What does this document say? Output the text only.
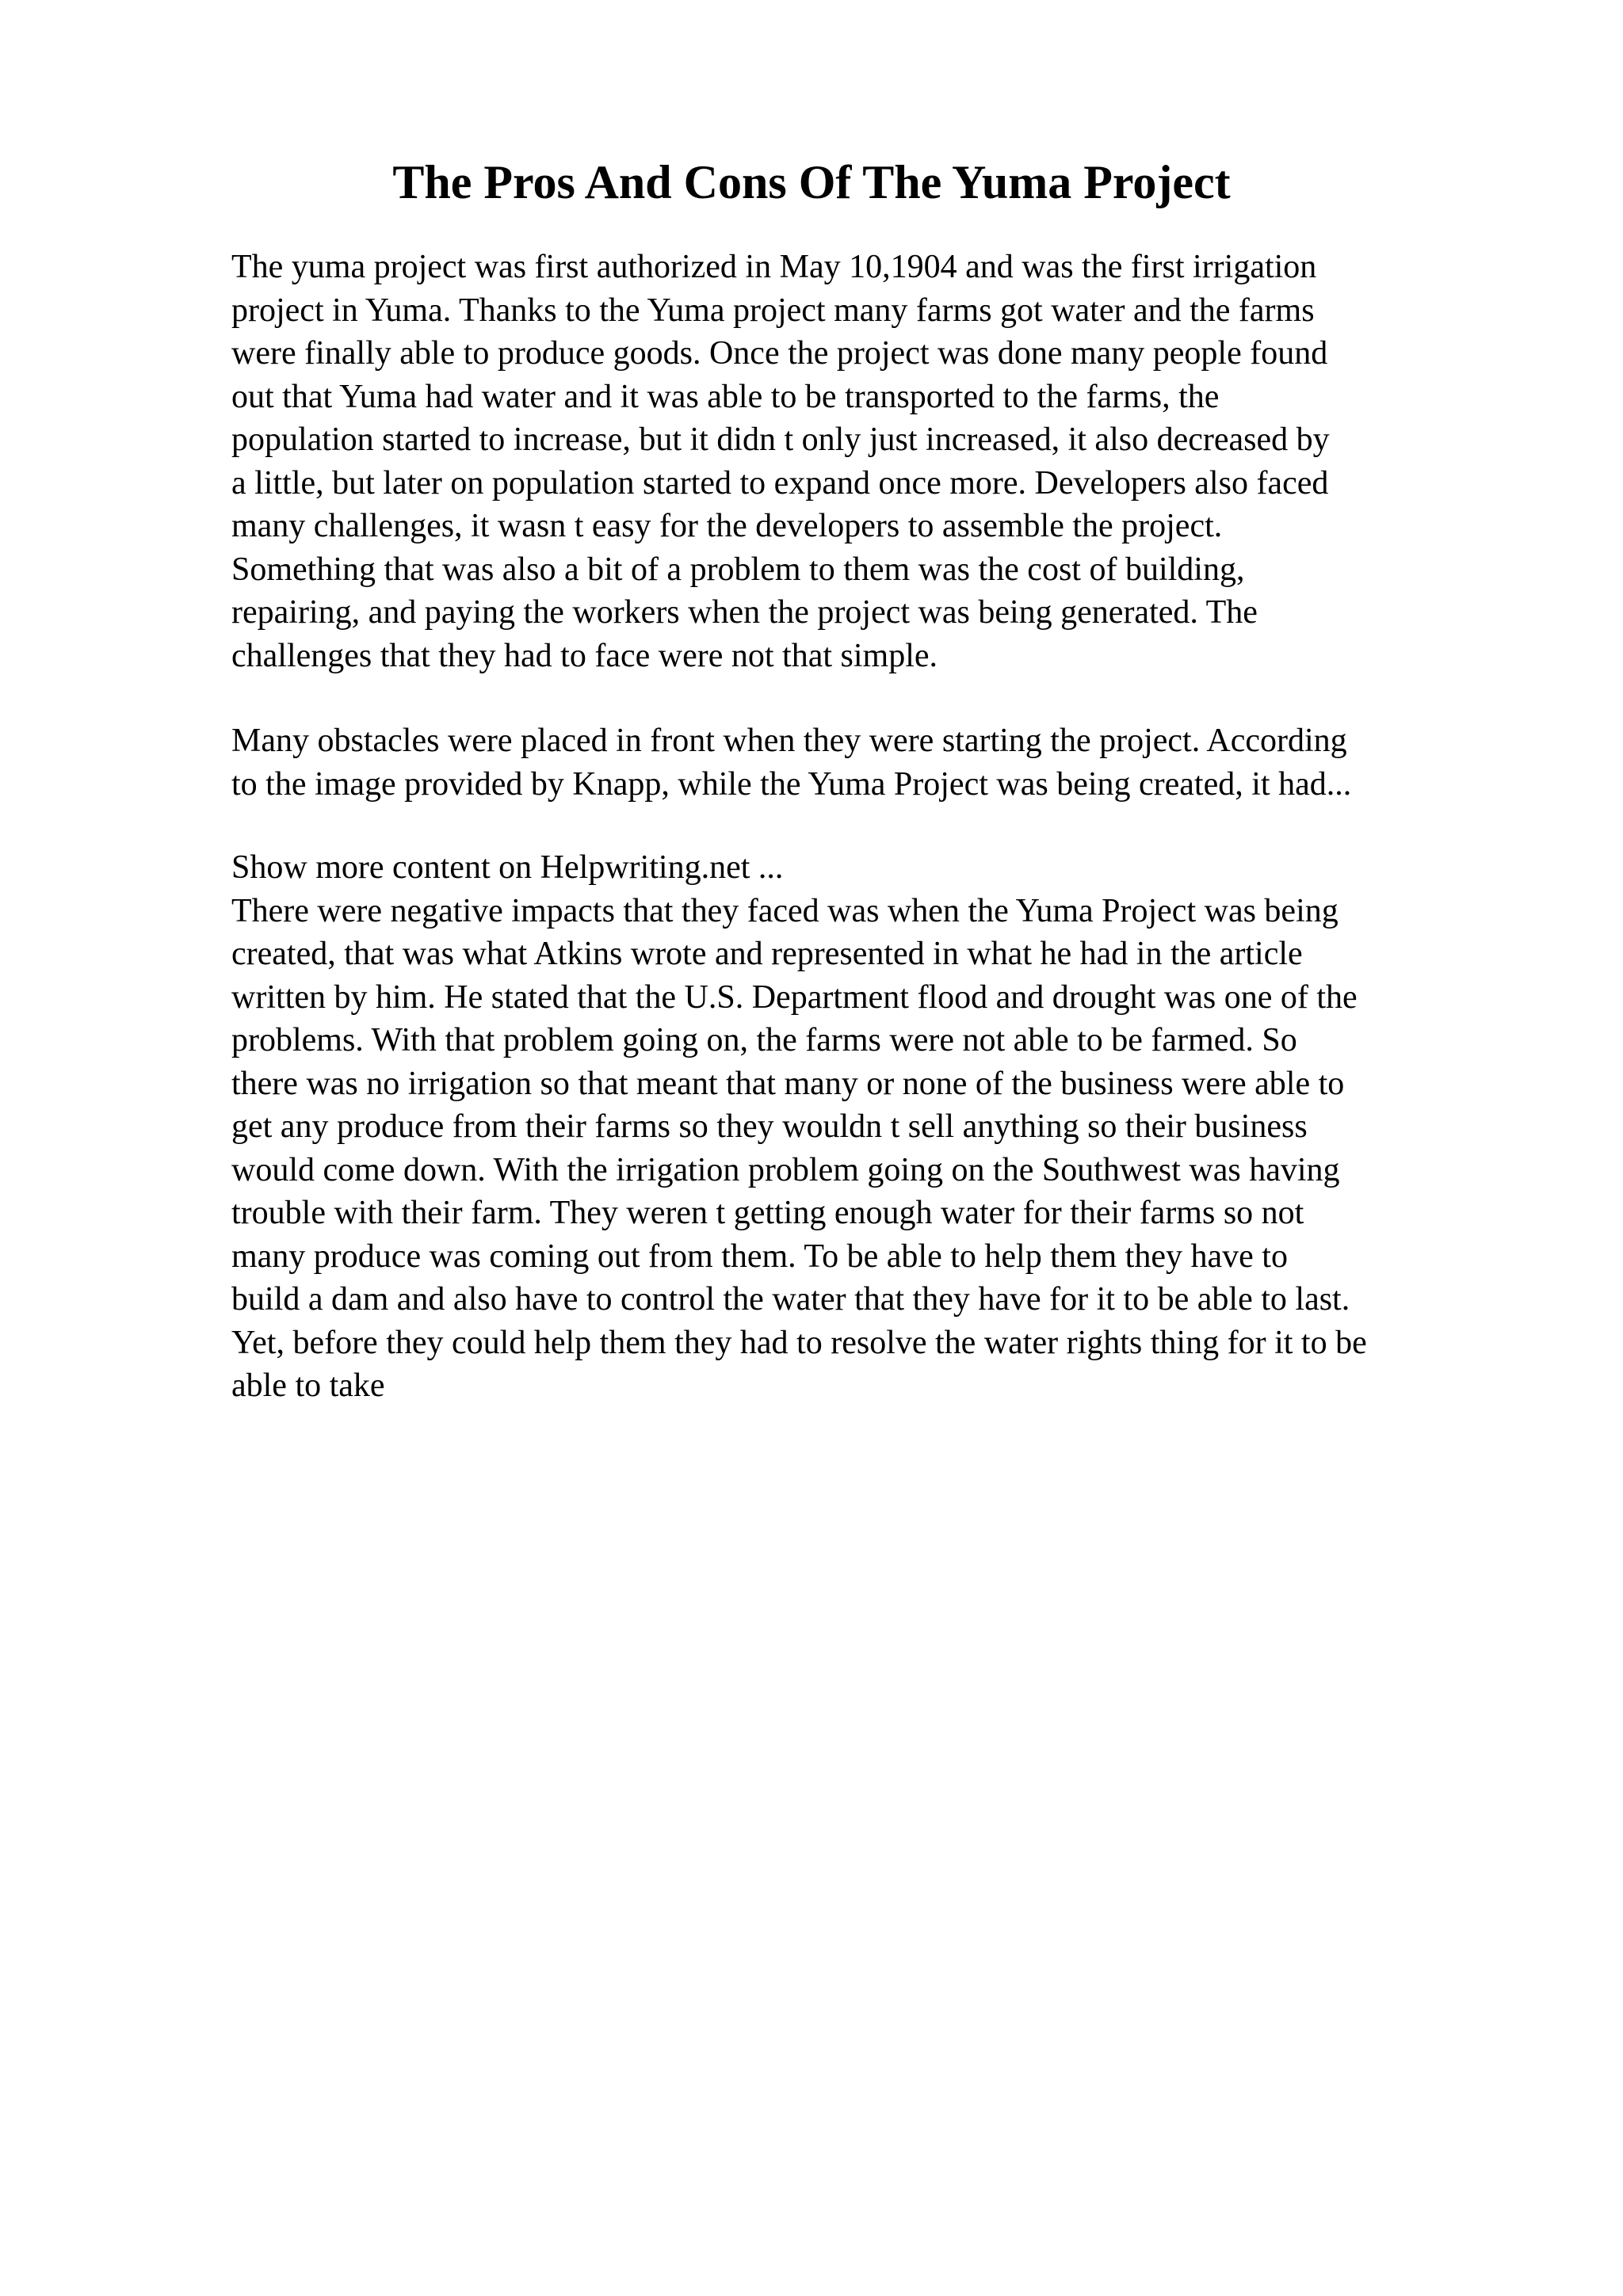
The Pros And Cons Of The Yuma Project
The yuma project was first authorized in May 10,1904 and was the first irrigation
project in Yuma. Thanks to the Yuma project many farms got water and the farms
were finally able to produce goods. Once the project was done many people found
out that Yuma had water and it was able to be transported to the farms, the
population started to increase, but it didn t only just increased, it also decreased by
a little, but later on population started to expand once more. Developers also faced
many challenges, it wasn t easy for the developers to assemble the project.
Something that was also a bit of a problem to them was the cost of building,
repairing, and paying the workers when the project was being generated. The
challenges that they had to face were not that simple.
Many obstacles were placed in front when they were starting the project. According
to the image provided by Knapp, while the Yuma Project was being created, it had...
Show more content on Helpwriting.net ...
There were negative impacts that they faced was when the Yuma Project was being
created, that was what Atkins wrote and represented in what he had in the article
written by him. He stated that the U.S. Department flood and drought was one of the
problems. With that problem going on, the farms were not able to be farmed. So
there was no irrigation so that meant that many or none of the business were able to
get any produce from their farms so they wouldn t sell anything so their business
would come down. With the irrigation problem going on the Southwest was having
trouble with their farm. They weren t getting enough water for their farms so not
many produce was coming out from them. To be able to help them they have to
build a dam and also have to control the water that they have for it to be able to last.
Yet, before they could help them they had to resolve the water rights thing for it to be
able to take
